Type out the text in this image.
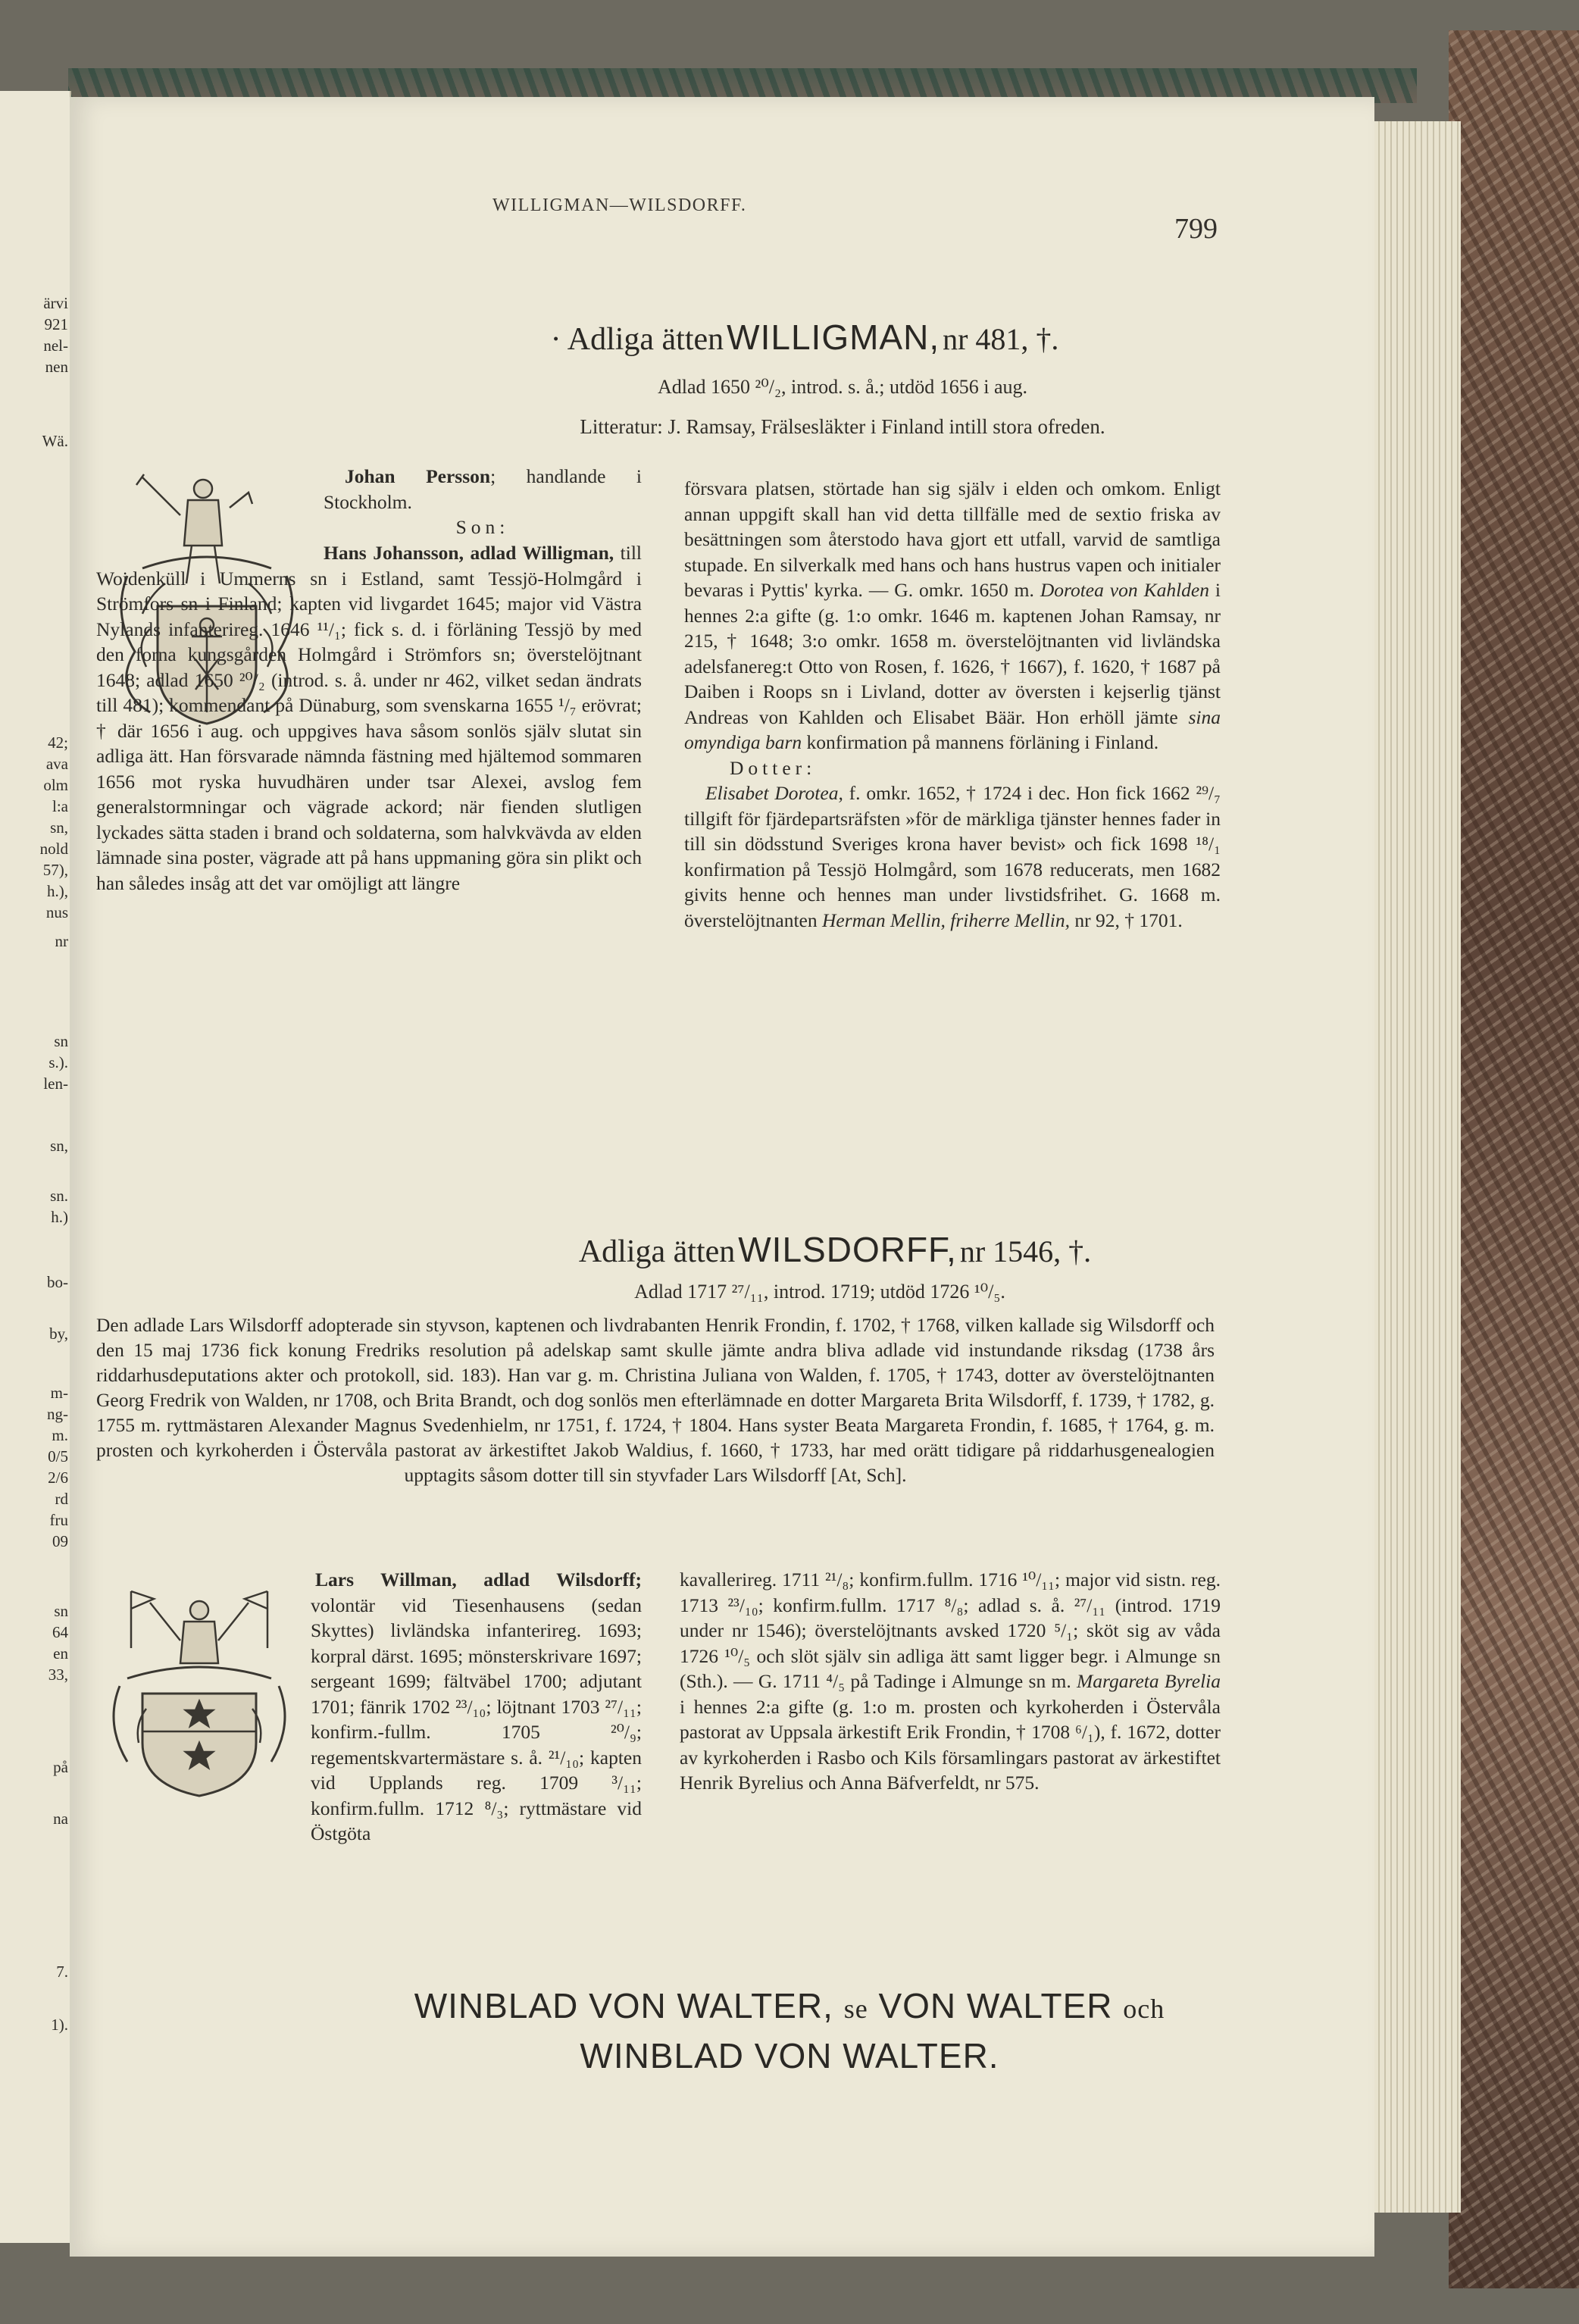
ärvi
921
nel-
nen
Wä.
42;
ava
olm
l:a
sn,
nold
57),
h.),
nus
nr
sn
s.).
len-
sn,
sn.
h.)
bo-
by,
m-
ng-
m.
0/5
2/6
rd
fru
09
sn
64
en
33,
på
na
7.
1).
WILLIGMAN—WILSDORFF.
799
· Adliga ätten WILLIGMAN, nr 481, †.
Adlad 1650 ²⁰/₂, introd. s. å.; utdöd 1656 i aug.
Litteratur: J. Ramsay, Frälsesläkter i Finland intill stora ofreden.

Johan Persson; handlande i Stockholm.

Son:

Hans Johansson, adlad Willigman, till Woidenküll i Ummerns sn i Estland, samt Tessjö-Holmgård i Strömfors sn i Finland; kapten vid livgardet 1645; major vid Västra Nylands infanterireg. 1646 ¹¹/₁; fick s. d. i förläning Tessjö by med den forna kungsgården Holmgård i Strömfors sn; överstelöjtnant 1648; adlad 1650 ²⁰/₂ (introd. s. å. under nr 462, vilket sedan ändrats till 481); kommendant på Dünaburg, som svenskarna 1655 ¹/₇ erövrat; † där 1656 i aug. och uppgives hava såsom sonlös själv slutat sin adliga ätt. Han försvarade nämnda fästning med hjältemod sommaren 1656 mot ryska huvudhären under tsar Alexei, avslog fem generalstormningar och vägrade ackord; när fienden slutligen lyckades sätta staden i brand och soldaterna, som halvkvävda av elden lämnade sina poster, vägrade att på hans uppmaning göra sin plikt och han således insåg att det var omöjligt att längre

försvara platsen, störtade han sig själv i elden och omkom. Enligt annan uppgift skall han vid detta tillfälle med de sextio friska av besättningen som återstodo hava gjort ett utfall, varvid de samtliga stupade. En silverkalk med hans och hans hustrus vapen och initialer bevaras i Pyttis' kyrka. — G. omkr. 1650 m. Dorotea von Kahlden i hennes 2:a gifte (g. 1:o omkr. 1646 m. kaptenen Johan Ramsay, nr 215, † 1648; 3:o omkr. 1658 m. överstelöjtnanten vid livländska adelsfanereg:t Otto von Rosen, f. 1626, † 1667), f. 1620, † 1687 på Daiben i Roops sn i Livland, dotter av översten i kejserlig tjänst Andreas von Kahlden och Elisabet Bäär. Hon erhöll jämte sina omyndiga barn konfirmation på mannens förläning i Finland.

Dotter:

Elisabet Dorotea, f. omkr. 1652, † 1724 i dec. Hon fick 1662 ²⁹/₇ tillgift för fjärdepartsräfsten »för de märkliga tjänster hennes fader in till sin dödsstund Sveriges krona haver bevist» och fick 1698 ¹⁸/₁ konfirmation på Tessjö Holmgård, som 1678 reducerats, men 1682 givits henne och hennes man under livstidsfrihet. G. 1668 m. överstelöjtnanten Herman Mellin, friherre Mellin, nr 92, † 1701.

Adliga ätten WILSDORFF, nr 1546, †.
Adlad 1717 ²⁷/₁₁, introd. 1719; utdöd 1726 ¹⁰/₅.

Den adlade Lars Wilsdorff adopterade sin styvson, kaptenen och livdrabanten Henrik Frondin, f. 1702, † 1768, vilken kallade sig Wilsdorff och den 15 maj 1736 fick konung Fredriks resolution på adelskap samt skulle jämte andra bliva adlade vid instundande riksdag (1738 års riddarhusdeputations akter och protokoll, sid. 183). Han var g. m. Christina Juliana von Walden, f. 1705, † 1743, dotter av överstelöjtnanten Georg Fredrik von Walden, nr 1708, och Brita Brandt, och dog sonlös men efterlämnade en dotter Margareta Brita Wilsdorff, f. 1739, † 1782, g. 1755 m. ryttmästaren Alexander Magnus Svedenhielm, nr 1751, f. 1724, † 1804. Hans syster Beata Margareta Frondin, f. 1685, † 1764, g. m. prosten och kyrkoherden i Östervåla pastorat av ärkestiftet Jakob Waldius, f. 1660, † 1733, har med orätt tidigare på riddarhusgenealogien upptagits såsom dotter till sin styvfader Lars Wilsdorff [At, Sch].

Lars Willman, adlad Wilsdorff; volontär vid Tiesenhausens (sedan Skyttes) livländska infanterireg. 1693; korpral därst. 1695; mönsterskrivare 1697; sergeant 1699; fältväbel 1700; adjutant 1701; fänrik 1702 ²³/₁₀; löjtnant 1703 ²⁷/₁₁; konfirm.-fullm. 1705 ²⁰/₉; regementskvartermästare s. å. ²¹/₁₀; kapten vid Upplands reg. 1709 ³/₁₁; konfirm.fullm. 1712 ⁸/₃; ryttmästare vid Östgöta

kavallerireg. 1711 ²¹/₈; konfirm.fullm. 1716 ¹⁰/₁₁; major vid sistn. reg. 1713 ²³/₁₀; konfirm.fullm. 1717 ⁸/₈; adlad s. å. ²⁷/₁₁ (introd. 1719 under nr 1546); överstelöjtnants avsked 1720 ⁵/₁; sköt sig av våda 1726 ¹⁰/₅ och slöt själv sin adliga ätt samt ligger begr. i Almunge sn (Sth.). — G. 1711 ⁴/₅ på Tadinge i Almunge sn m. Margareta Byrelia i hennes 2:a gifte (g. 1:o m. prosten och kyrkoherden i Östervåla pastorat av Uppsala ärkestift Erik Frondin, † 1708 ⁶/₁), f. 1672, dotter av kyrkoherden i Rasbo och Kils församlingars pastorat av ärkestiftet Henrik Byrelius och Anna Bäfverfeldt, nr 575.

WINBLAD VON WALTER, se VON WALTER och
WINBLAD VON WALTER.
